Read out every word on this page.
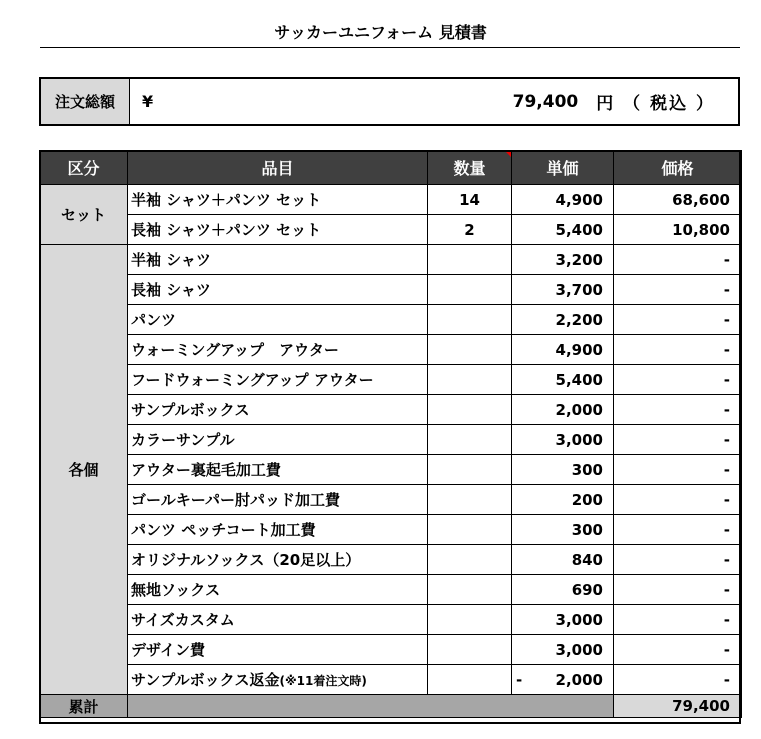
サッカーユニフォーム 見積書
注文総額	¥	79,400 円 （ 税込 ）
区分	品目	数量	単価	価格
セット	半袖 シャツ＋パンツ セット	14	4,900	68,600
	長袖 シャツ＋パンツ セット	2	5,400	10,800
各個	半袖 シャツ		3,200	-
	長袖 シャツ		3,700	-
	パンツ		2,200	-
	ウォーミングアップ　アウター		4,900	-
	フードウォーミングアップ アウター		5,400	-
	サンプルボックス		2,000	-
	カラーサンプル		3,000	-
	アウター裏起毛加工費		300	-
	ゴールキーパー肘パッド加工費		200	-
	パンツ ペッチコート加工費		300	-
	オリジナルソックス（20足以上）		840	-
	無地ソックス		690	-
	サイズカスタム		3,000	-
	デザイン費		3,000	-
	サンプルボックス返金(※11着注文時)		- 2,000	-
累計				79,400
